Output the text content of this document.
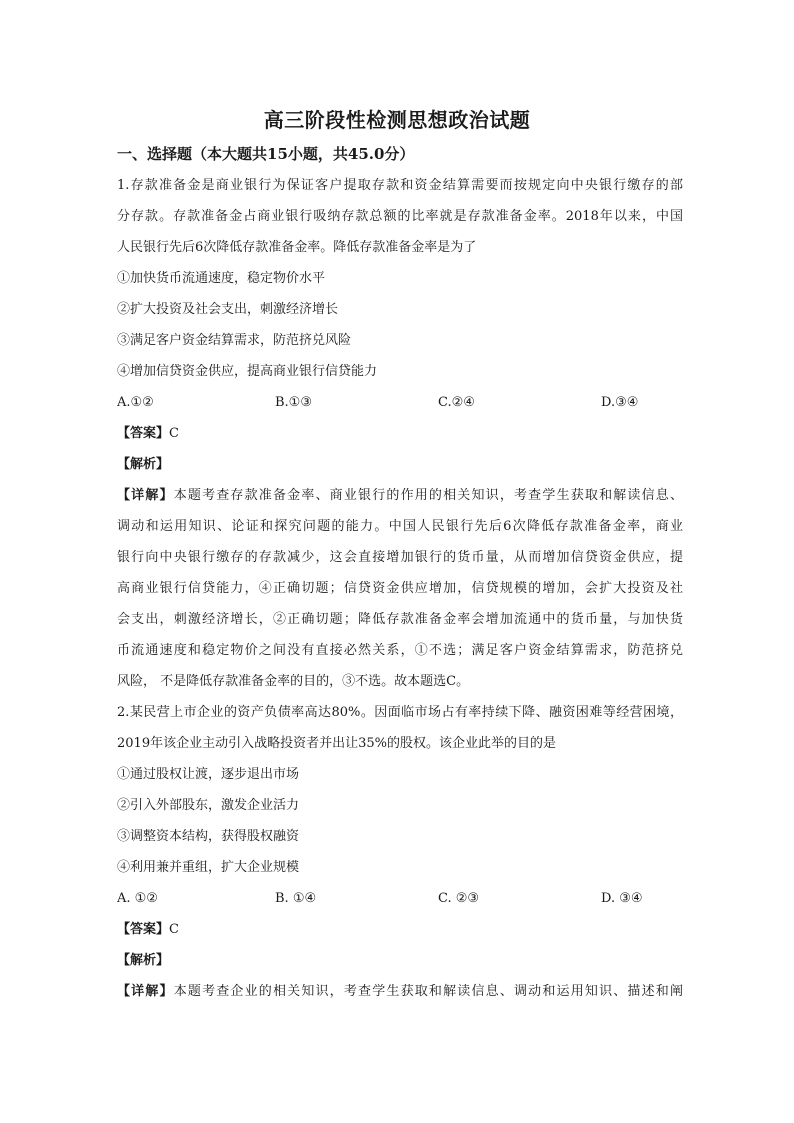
高三阶段性检测思想政治试题
一、选择题（本大题共15小题，共45.0分）
1.存款准备金是商业银行为保证客户提取存款和资金结算需要而按规定向中央银行缴存的部
分存款。存款准备金占商业银行吸纳存款总额的比率就是存款准备金率。2018年以来，中国
人民银行先后6次降低存款准备金率。降低存款准备金率是为了
①加快货币流通速度，稳定物价水平
②扩大投资及社会支出，刺激经济增长
③满足客户资金结算需求，防范挤兑风险
④增加信贷资金供应，提高商业银行信贷能力
A.①②	B.①③	C.②④	D.③④
【答案】C
【解析】
【详解】本题考查存款准备金率、商业银行的作用的相关知识，考查学生获取和解读信息、
调动和运用知识、论证和探究问题的能力。中国人民银行先后6次降低存款准备金率，商业
银行向中央银行缴存的存款减少，这会直接增加银行的货币量，从而增加信贷资金供应，提
高商业银行信贷能力，④正确切题；信贷资金供应增加，信贷规模的增加，会扩大投资及社
会支出，刺激经济增长，②正确切题；降低存款准备金率会增加流通中的货币量，与加快货
币流通速度和稳定物价之间没有直接必然关系，①不选；满足客户资金结算需求，防范挤兑
风险， 不是降低存款准备金率的目的，③不选。故本题选C。
2.某民营上市企业的资产负债率高达80%。因面临市场占有率持续下降、融资困难等经营困境，
2019年该企业主动引入战略投资者并出让35%的股权。该企业此举的目的是
①通过股权让渡，逐步退出市场
②引入外部股东，激发企业活力
③调整资本结构，获得股权融资
④利用兼并重组，扩大企业规模
A. ①②	B. ①④	C. ②③	D. ③④
【答案】C
【解析】
【详解】本题考查企业的相关知识，考查学生获取和解读信息、调动和运用知识、描述和阐
